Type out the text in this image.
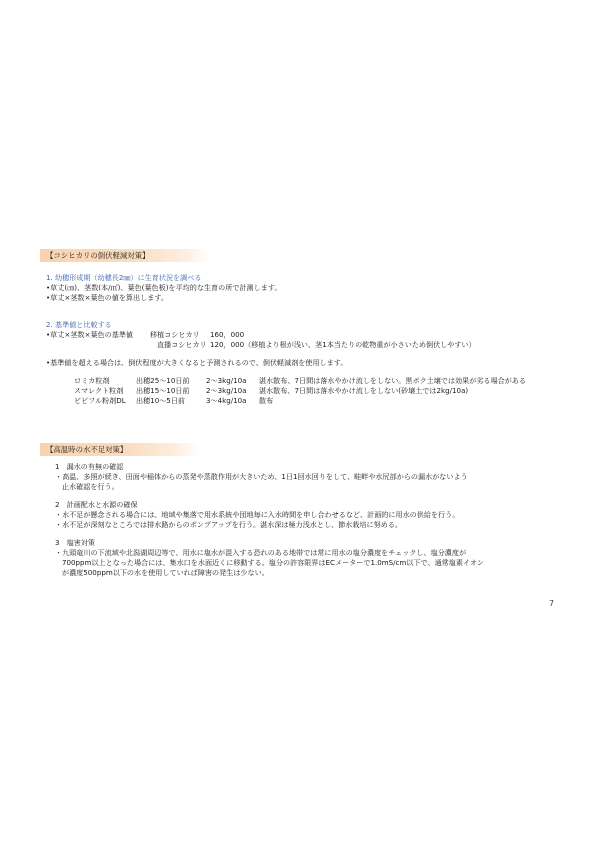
【コシヒカリの倒伏軽減対策】
1. 幼穂形成期（幼穂長2㎜）に生育状況を調べる
•草丈(㎝)、茎数(本/㎡)、葉色(葉色板)を平均的な生育の所で計測します。
•草丈×茎数×葉色の値を算出します。
2. 基準値と比較する
•草丈×茎数×葉色の基準値 移植コシヒカリ 160，000
直播コシヒカリ 120，000（移植より根が浅い、茎1本当たりの乾物重が小さいため倒伏しやすい）
•基準値を超える場合は、倒伏程度が大きくなると予測されるので、倒伏軽減剤を使用します。
ロミカ粒剤	出穂25～10日前 2～3kg/10a 湛水散布、7日間は落水やかけ流しをしない。黒ボク土壌では効果が劣る場合がある
スマレクト粒剤 出穂15～10日前 2～3kg/10a 湛水散布、7日間は落水やかけ流しをしない(砂壌土では2kg/10a)
ビビフル粉剤DL 出穂10～5日前	3～4kg/10a 散布
【高温時の水不足対策】
1　漏水の有無の確認
・高温、多照が続き、田面や稲体からの蒸発や蒸散作用が大きいため、1日1回水回りをして、畦畔や水尻部からの漏水がないよう
止水確認を行う。
2　計画配水と水源の確保
・水不足が懸念される場合には、地域や集落で用水系統や団地毎に入水時間を申し合わせるなど、計画的に用水の供給を行う。
・水不足が深刻なところでは排水路からのポンプアップを行う。湛水深は極力浅水とし、節水栽培に努める。
3　塩害対策
・九頭竜川の下流域や北潟湖周辺等で、用水に塩水が混入する恐れのある地帯では常に用水の塩分濃度をチェックし、塩分濃度が
700ppm以上となった場合には、集水口を水面近くに移動する。塩分の許容限界はECメーターで1.0mS/cm以下で、通常塩素イオン
が濃度500ppm以下の水を使用していれば障害の発生は少ない。
7
